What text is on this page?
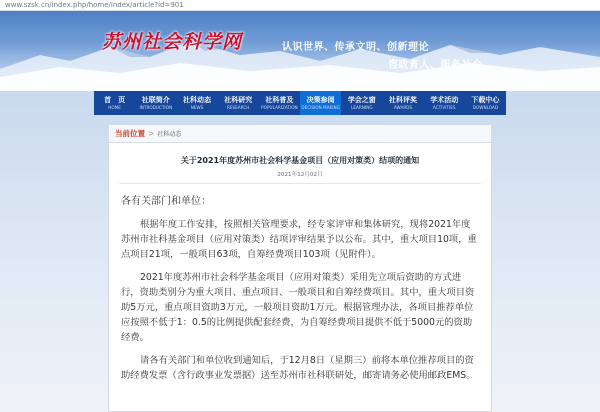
www.szsk.cn/index.php/home/index/article?id=901
苏州社会科学网	认识世界、传承文明、创新理论
咨政育人、服务社会
首　页
HOME
社联简介
INTRODUCTION
社科动态
NEWS
社科研究
RESEARCH
社科普及
POPULARIZATION
决策参阅
DECISION MAKING
学会之窗
LEARNING
社科评奖
AWARDS
学术活动
ACTIVITIES
下载中心
DOWNLOAD
当前位置 > 社科动态
关于2021年度苏州市社会科学基金项目（应用对策类）结项的通知
2021年12月02日
各有关部门和单位：
根据年度工作安排，按照相关管理要求，经专家评审和集体研究，现将2021年度苏州市社科基金项目（应用对策类）结项评审结果予以公布。其中，重大项目10项，重点项目21项，一般项目63项，自筹经费项目103项（见附件）。
2021年度苏州市社会科学基金项目（应用对策类）采用先立项后资助的方式进行，资助类别分为重大项目、重点项目、一般项目和自筹经费项目。其中，重大项目资助5万元，重点项目资助3万元，一般项目资助1万元。根据管理办法，各项目推荐单位应按照不低于1：0.5的比例提供配套经费，为自筹经费项目提供不低于5000元的资助经费。
请各有关部门和单位收到通知后，于12月8日（星期三）前将本单位推荐项目的资助经费发票（含行政事业发票据）送至苏州市社科联研处，邮寄请务必使用邮政EMS。
